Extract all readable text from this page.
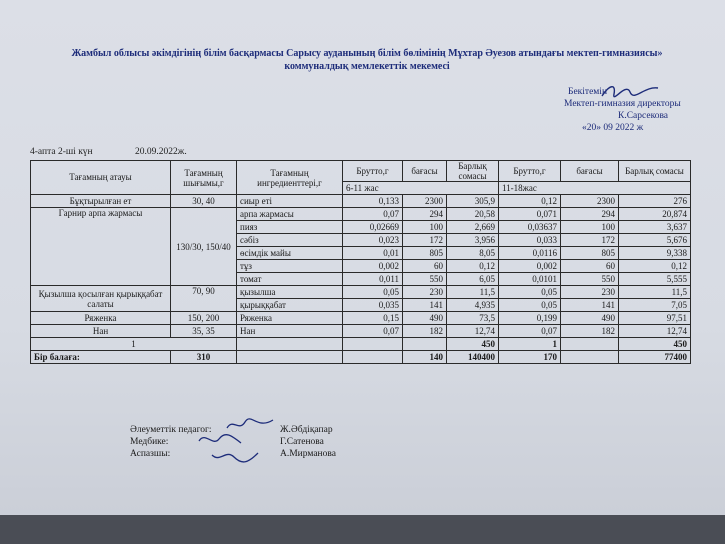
Жамбыл облысы әкімдігінің білім басқармасы Сарысу ауданының білім бөлімінің Мұхтар Әуезов атындағы мектеп-гимназиясы»
коммуналдық мемлекеттік мекемесі
Бекітемін
Мектеп-гимназия директоры
К.Сарсекова
«20» 09 2022 ж
4-апта 2-ші күн	20.09.2022ж.
Тағамның атауы	Тағамның шығымы,г	Тағамның ингредиенттері,г	Брутто,г	бағасы	Барлық сомасы	Брутто,г	бағасы	Барлық сомасы
			6-11 жас			11-18жас		
Бұқтырылған ет	30, 40	сиыр еті	0,133	2300	305,9	0,12	2300	276
Гарнир арпа жармасы	130/30, 150/40	арпа жармасы	0,07	294	20,58	0,071	294	20,874
		пияз	0,02669	100	2,669	0,03637	100	3,637
		сәбіз	0,023	172	3,956	0,033	172	5,676
		өсімдік майы	0,01	805	8,05	0,0116	805	9,338
		тұз	0,002	60	0,12	0,002	60	0,12
		томат	0,011	550	6,05	0,0101	550	5,555
Қызылша қосылған қырыққабат салаты	70, 90	қызылша	0,05	230	11,5	0,05	230	11,5
		қырыққабат	0,035	141	4,935	0,05	141	7,05
Ряженка	150, 200	Ряженка	0,15	490	73,5	0,199	490	97,51
Нан	35, 35	Нан	0,07	182	12,74	0,07	182	12,74
1					450	1		450
Бір балаға:	310			140	140400	170		77400
Әлеуметтік педагог:	Ж.Әбдіқапар
Медбике:	Г.Сатенова
Аспазшы:	А.Мирманова
